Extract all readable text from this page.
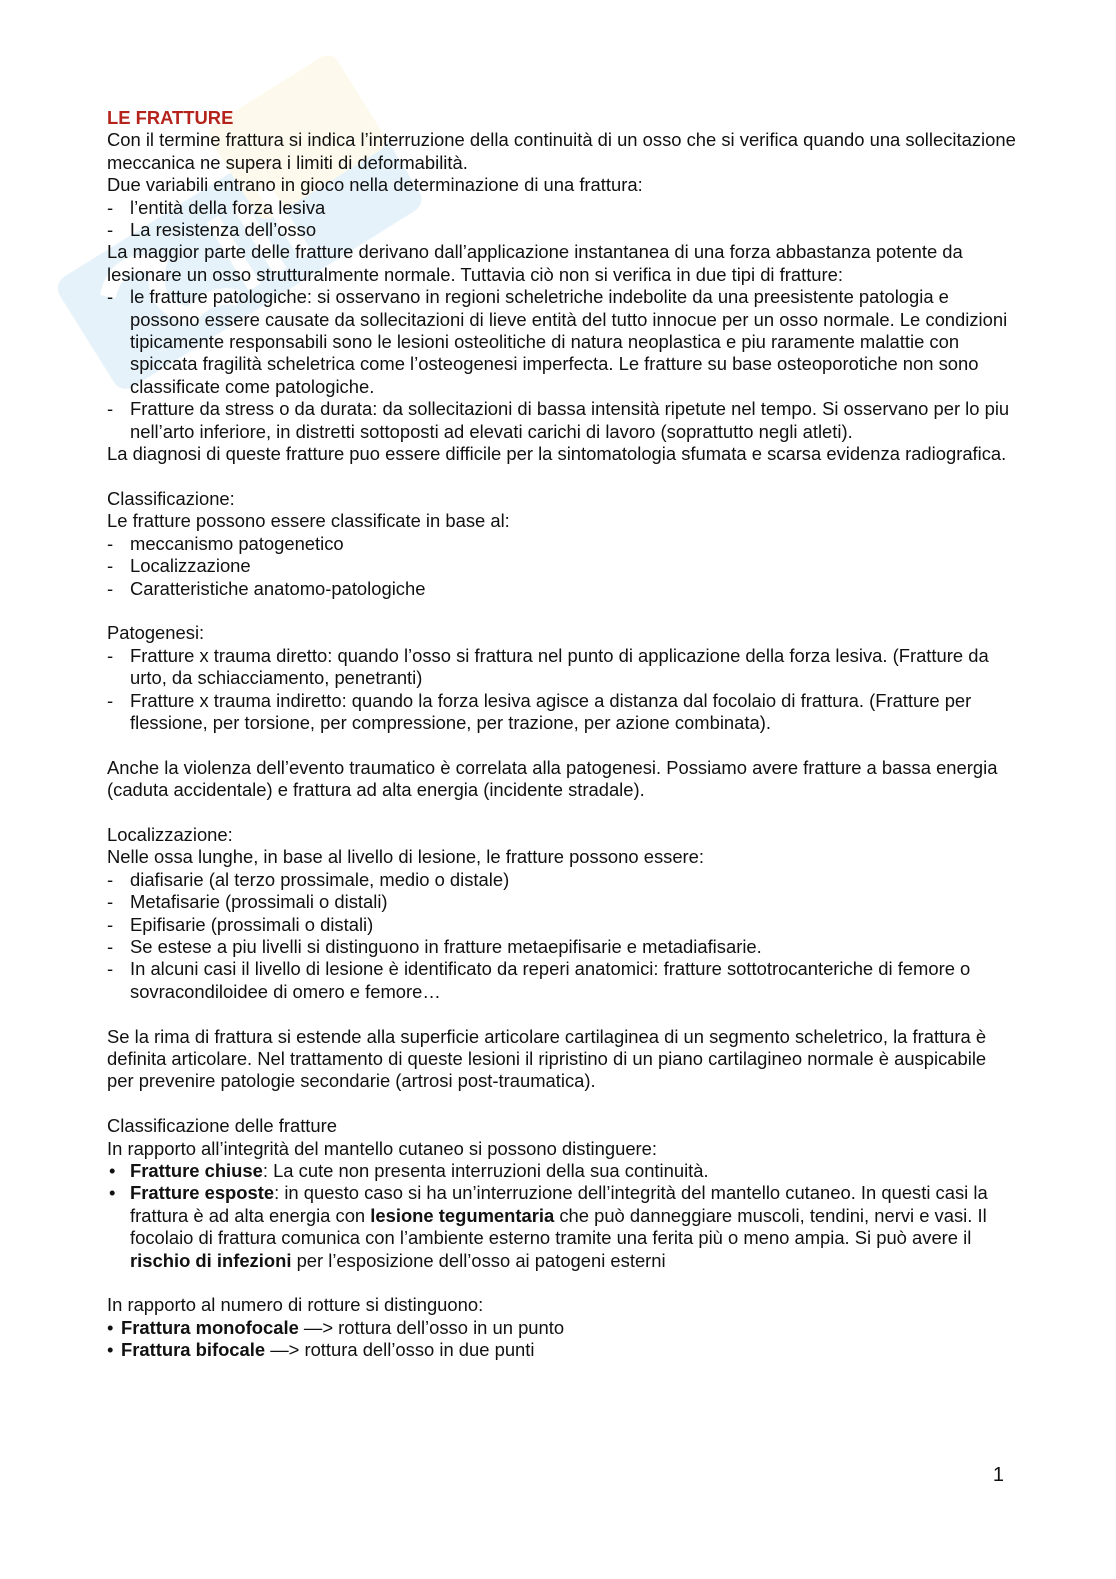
LE FRATTURE

Con il termine frattura si indica l’interruzione della continuità di un osso che si verifica quando una sollecitazione meccanica ne supera i limiti di deformabilità.

Due variabili entrano in gioco nella determinazione di una frattura:

- l’entità della forza lesiva
- La resistenza dell’osso

La maggior parte delle fratture derivano dall’applicazione instantanea di una forza abbastanza potente da lesionare un osso strutturalmente normale. Tuttavia ciò non si verifica in due tipi di fratture:

- le fratture patologiche: si osservano in regioni scheletriche indebolite da una preesistente patologia e possono essere causate da sollecitazioni di lieve entità del tutto innocue per un osso normale. Le condizioni tipicamente responsabili sono le lesioni osteolitiche di natura neoplastica e piu raramente malattie con spiccata fragilità scheletrica come l’osteogenesi imperfecta. Le fratture su base osteoporotiche non sono classificate come patologiche.
- Fratture da stress o da durata: da sollecitazioni di bassa intensità ripetute nel tempo. Si osservano per lo piu nell’arto inferiore, in distretti sottoposti ad elevati carichi di lavoro (soprattutto negli atleti).

La diagnosi di queste fratture puo essere difficile per la sintomatologia sfumata e scarsa evidenza radiografica.

Classificazione:

Le fratture possono essere classificate in base al:

- meccanismo patogenetico
- Localizzazione
- Caratteristiche anatomo-patologiche

Patogenesi:

- Fratture x trauma diretto: quando l’osso si frattura nel punto di applicazione della forza lesiva. (Fratture da urto, da schiacciamento, penetranti)
- Fratture x trauma indiretto: quando la forza lesiva agisce a distanza dal focolaio di frattura. (Fratture per flessione, per torsione, per compressione, per trazione, per azione combinata).

Anche la violenza dell’evento traumatico è correlata alla patogenesi. Possiamo avere fratture a bassa energia (caduta accidentale) e frattura ad alta energia (incidente stradale).

Localizzazione:

Nelle ossa lunghe, in base al livello di lesione, le fratture possono essere:

- diafisarie (al terzo prossimale, medio o distale)
- Metafisarie (prossimali o distali)
- Epifisarie (prossimali o distali)
- Se estese a piu livelli si distinguono in fratture metaepifisarie e metadiafisarie.
- In alcuni casi il livello di lesione è identificato da reperi anatomici: fratture sottotrocanteriche di femore o sovracondiloidee di omero e femore…

Se la rima di frattura si estende alla superficie articolare cartilaginea di un segmento scheletrico, la frattura è definita articolare. Nel trattamento di queste lesioni il ripristino di un piano cartilagineo normale è auspicabile per prevenire patologie secondarie (artrosi post-traumatica).

Classificazione delle fratture

In rapporto all’integrità del mantello cutaneo si possono distinguere:

• Fratture chiuse: La cute non presenta interruzioni della sua continuità.
• Fratture esposte: in questo caso si ha un’interruzione dell’integrità del mantello cutaneo. In questi casi la frattura è ad alta energia con lesione tegumentaria che può danneggiare muscoli, tendini, nervi e vasi. Il focolaio di frattura comunica con l’ambiente esterno tramite una ferita più o meno ampia. Si può avere il rischio di infezioni per l’esposizione dell’osso ai patogeni esterni

In rapporto al numero di rotture si distinguono:

• Frattura monofocale —> rottura dell’osso in un punto
• Frattura bifocale —> rottura dell’osso in due punti
1
